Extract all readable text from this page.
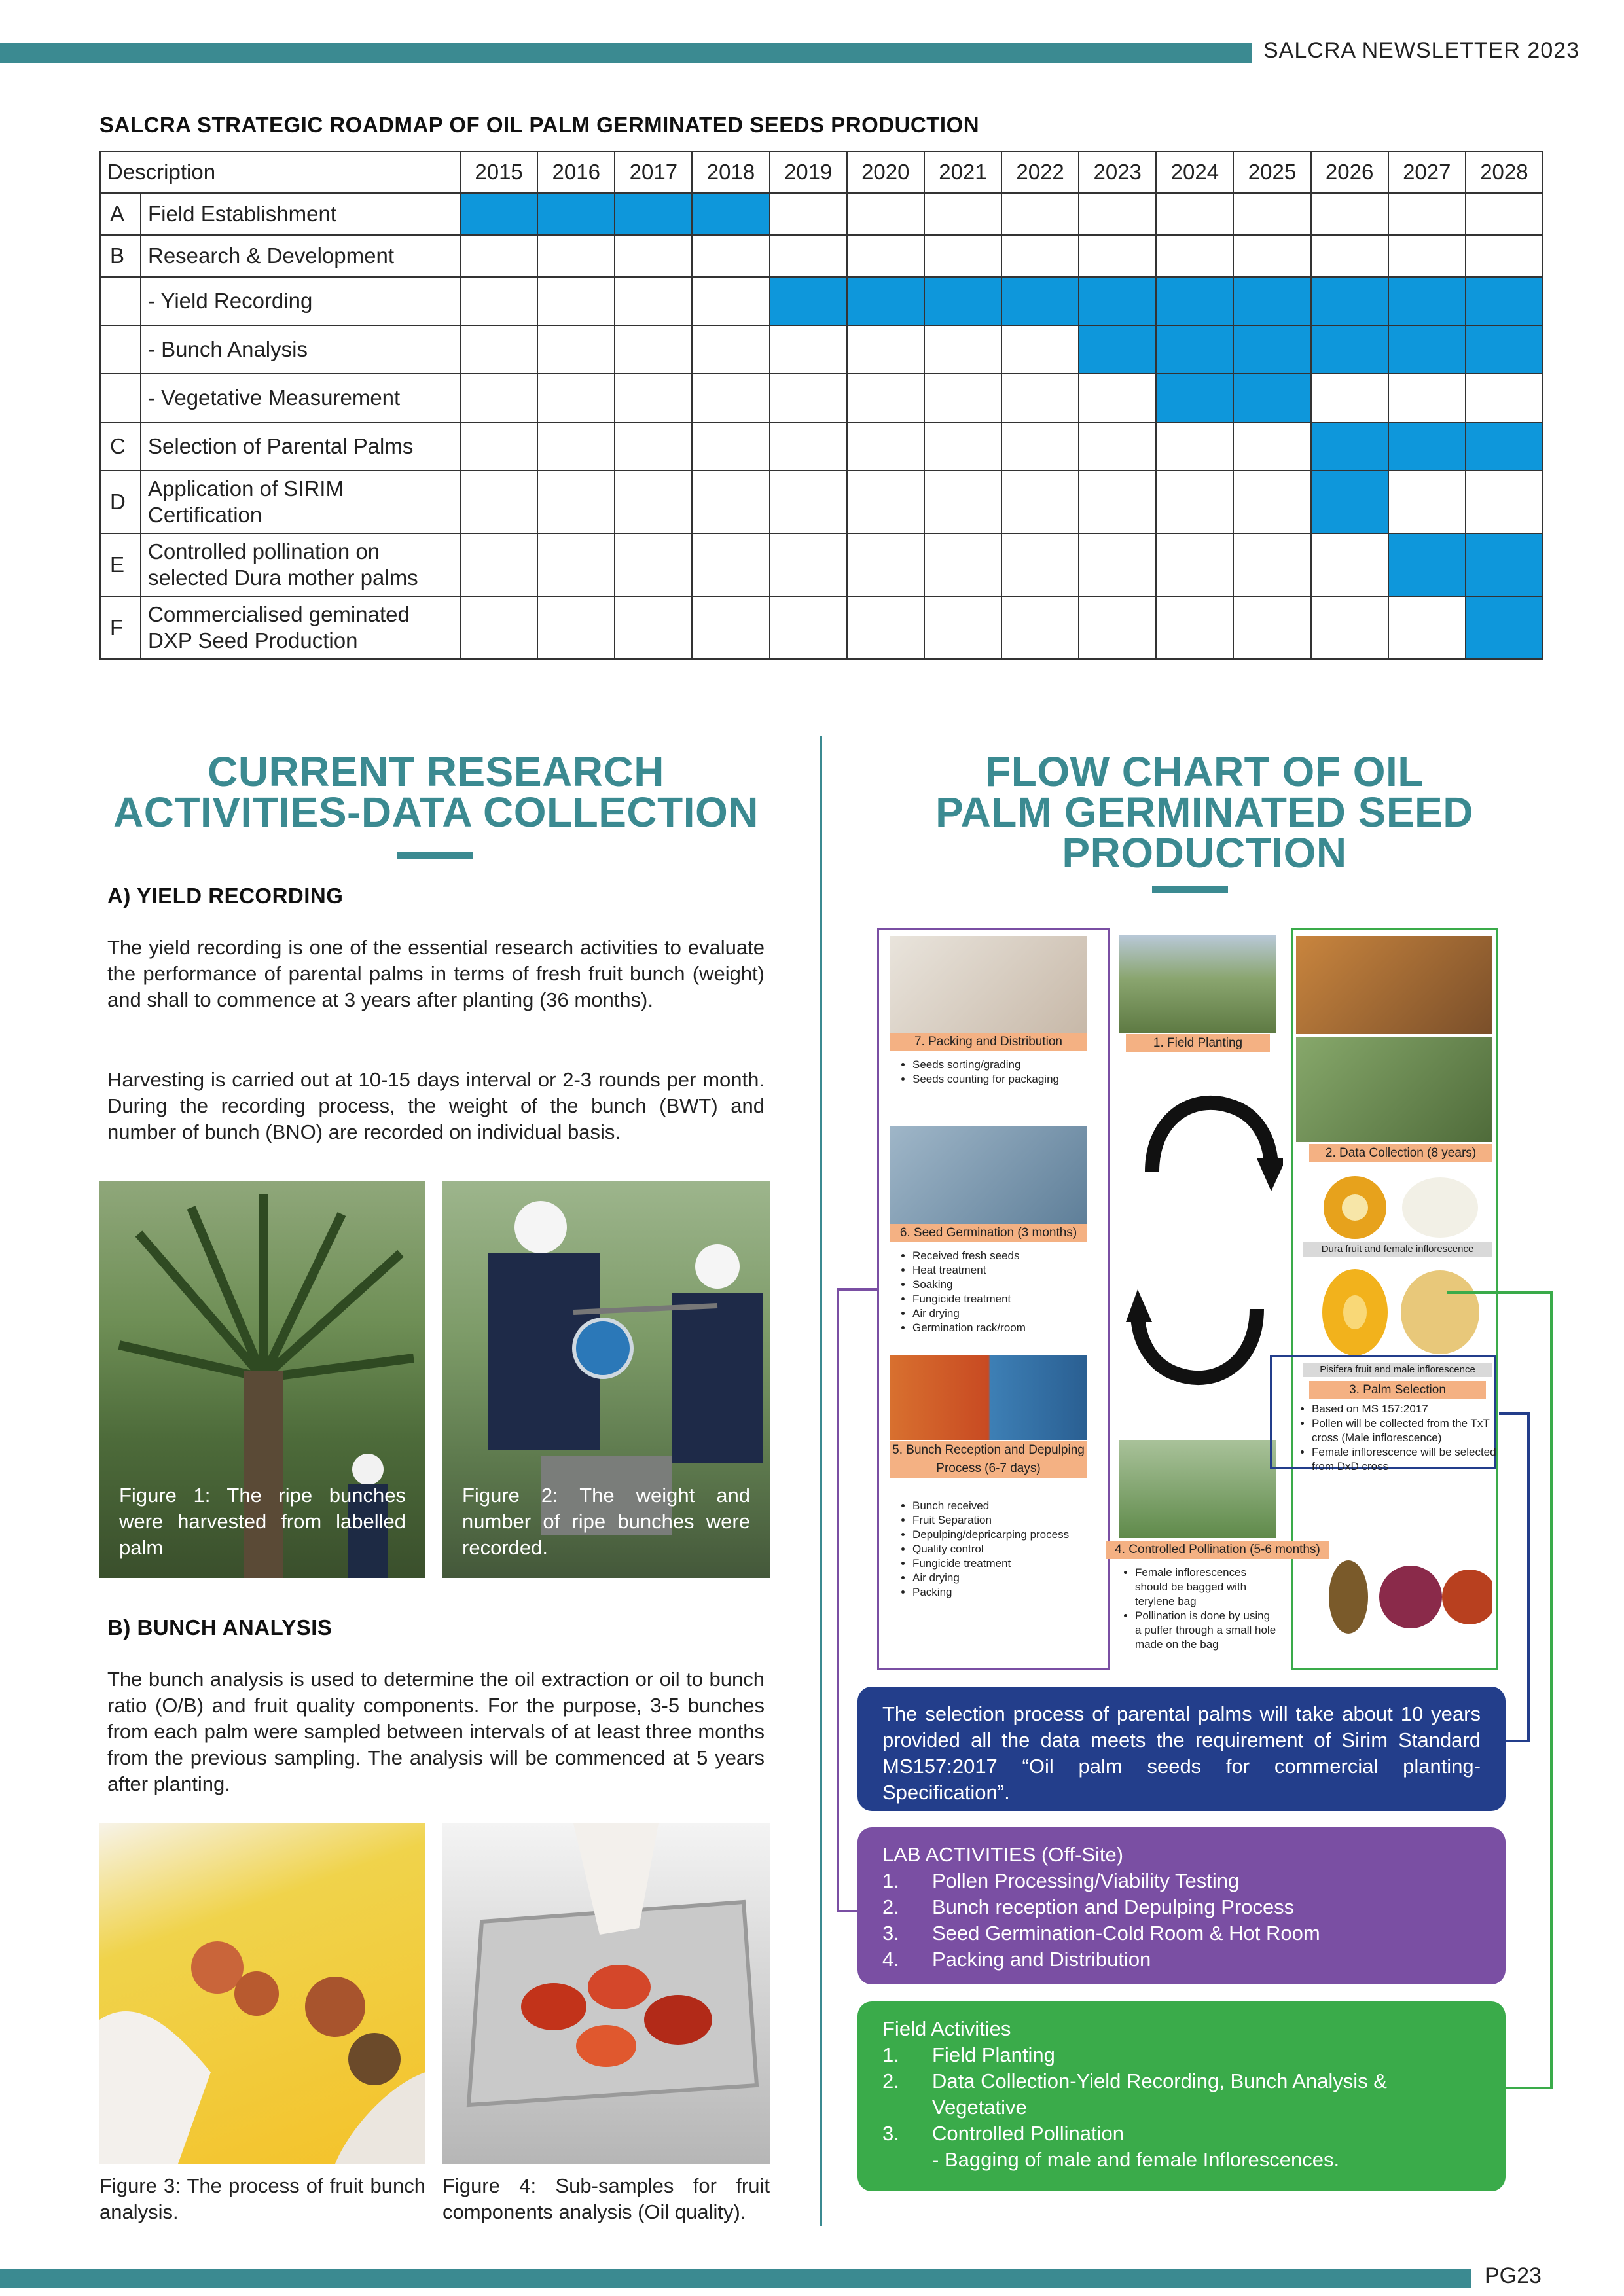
SALCRA NEWSLETTER 2023
SALCRA STRATEGIC ROADMAP OF OIL PALM GERMINATED SEEDS PRODUCTION
Description		2015	2016	2017	2018	2019	2020	2021	2022	2023	2024	2025	2026	2027	2028
A	Field Establishment														
B	Research & Development														
	- Yield Recording														
	- Bunch Analysis														
	- Vegetative Measurement														
C	Selection of Parental Palms														
D	Application of SIRIM Certification														
E	Controlled pollination on selected Dura mother palms														
F	Commercialised geminated DXP Seed Production														
CURRENT RESEARCH
ACTIVITIES-DATA COLLECTION
A) YIELD RECORDING
The yield recording is one of the essential research activities to evaluate the performance of parental palms in terms of fresh fruit bunch (weight) and shall to commence at 3 years after planting (36 months).
Harvesting is carried out at 10-15 days interval or 2-3 rounds per month. During the recording process, the weight of the bunch (BWT) and number of bunch (BNO) are recorded on individual basis.
Figure 1: The ripe bunches were harvested from labelled palm
Figure 2: The weight and number of ripe bunches were recorded.
B) BUNCH ANALYSIS
The bunch analysis is used to determine the oil extraction or oil to bunch ratio (O/B) and fruit quality components. For the purpose, 3-5 bunches from each palm were sampled between intervals of at least three months from the previous sampling. The analysis will be commenced at 5 years after planting.
Figure 3: The process of fruit bunch analysis.
Figure 4: Sub-samples for fruit components analysis (Oil quality).
FLOW CHART OF OIL
PALM GERMINATED SEED
PRODUCTION
7. Packing and Distribution
• Seeds sorting/grading
• Seeds counting for packaging
6. Seed Germination (3 months)
• Received fresh seeds
• Heat treatment
• Soaking
• Fungicide treatment
• Air drying
• Germination rack/room
5. Bunch Reception and Depulping Process (6-7 days)
• Bunch received
• Fruit Separation
• Depulping/depricarping process
• Quality control
• Fungicide treatment
• Air drying
• Packing
1. Field Planting
4. Controlled Pollination (5-6 months)
• Female inflorescences should be bagged with terylene bag
• Pollination is done by using a puffer through a small hole made on the bag
2. Data Collection (8 years)
Dura fruit and female inflorescence
Pisifera fruit and male inflorescence
3. Palm Selection
• Based on MS 157:2017
• Pollen will be collected from the TxT cross (Male inflorescence)
• Female inflorescence will be selected from DxD cross
The selection process of parental palms will take about 10 years provided all the data meets the requirement of Sirim Standard MS157:2017 “Oil palm seeds for commercial planting-Specification”.
LAB ACTIVITIES (Off-Site)
1. Pollen Processing/Viability Testing
2. Bunch reception and Depulping Process
3. Seed Germination-Cold Room & Hot Room
4. Packing and Distribution
Field Activities
1. Field Planting
2. Data Collection-Yield Recording, Bunch Analysis & Vegetative
3. Controlled Pollination
- Bagging of male and female Inflorescences.
PG23
